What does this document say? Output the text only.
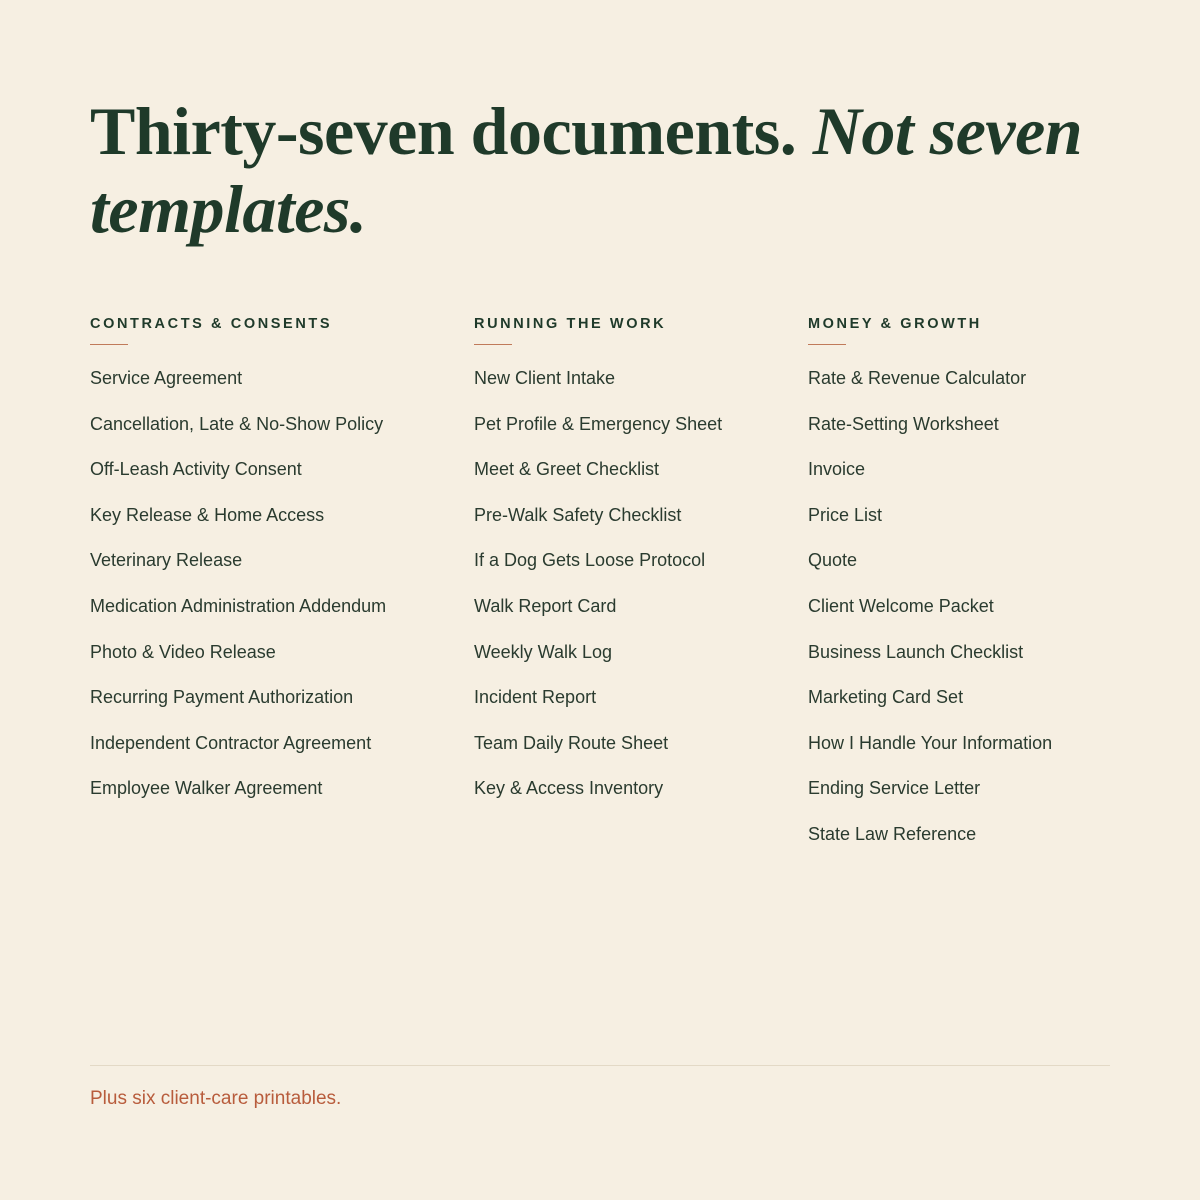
Thirty-seven documents. Not seven templates.
CONTRACTS & CONSENTS
Service Agreement
Cancellation, Late & No-Show Policy
Off-Leash Activity Consent
Key Release & Home Access
Veterinary Release
Medication Administration Addendum
Photo & Video Release
Recurring Payment Authorization
Independent Contractor Agreement
Employee Walker Agreement
RUNNING THE WORK
New Client Intake
Pet Profile & Emergency Sheet
Meet & Greet Checklist
Pre-Walk Safety Checklist
If a Dog Gets Loose Protocol
Walk Report Card
Weekly Walk Log
Incident Report
Team Daily Route Sheet
Key & Access Inventory
MONEY & GROWTH
Rate & Revenue Calculator
Rate-Setting Worksheet
Invoice
Price List
Quote
Client Welcome Packet
Business Launch Checklist
Marketing Card Set
How I Handle Your Information
Ending Service Letter
State Law Reference

Plus six client-care printables.
